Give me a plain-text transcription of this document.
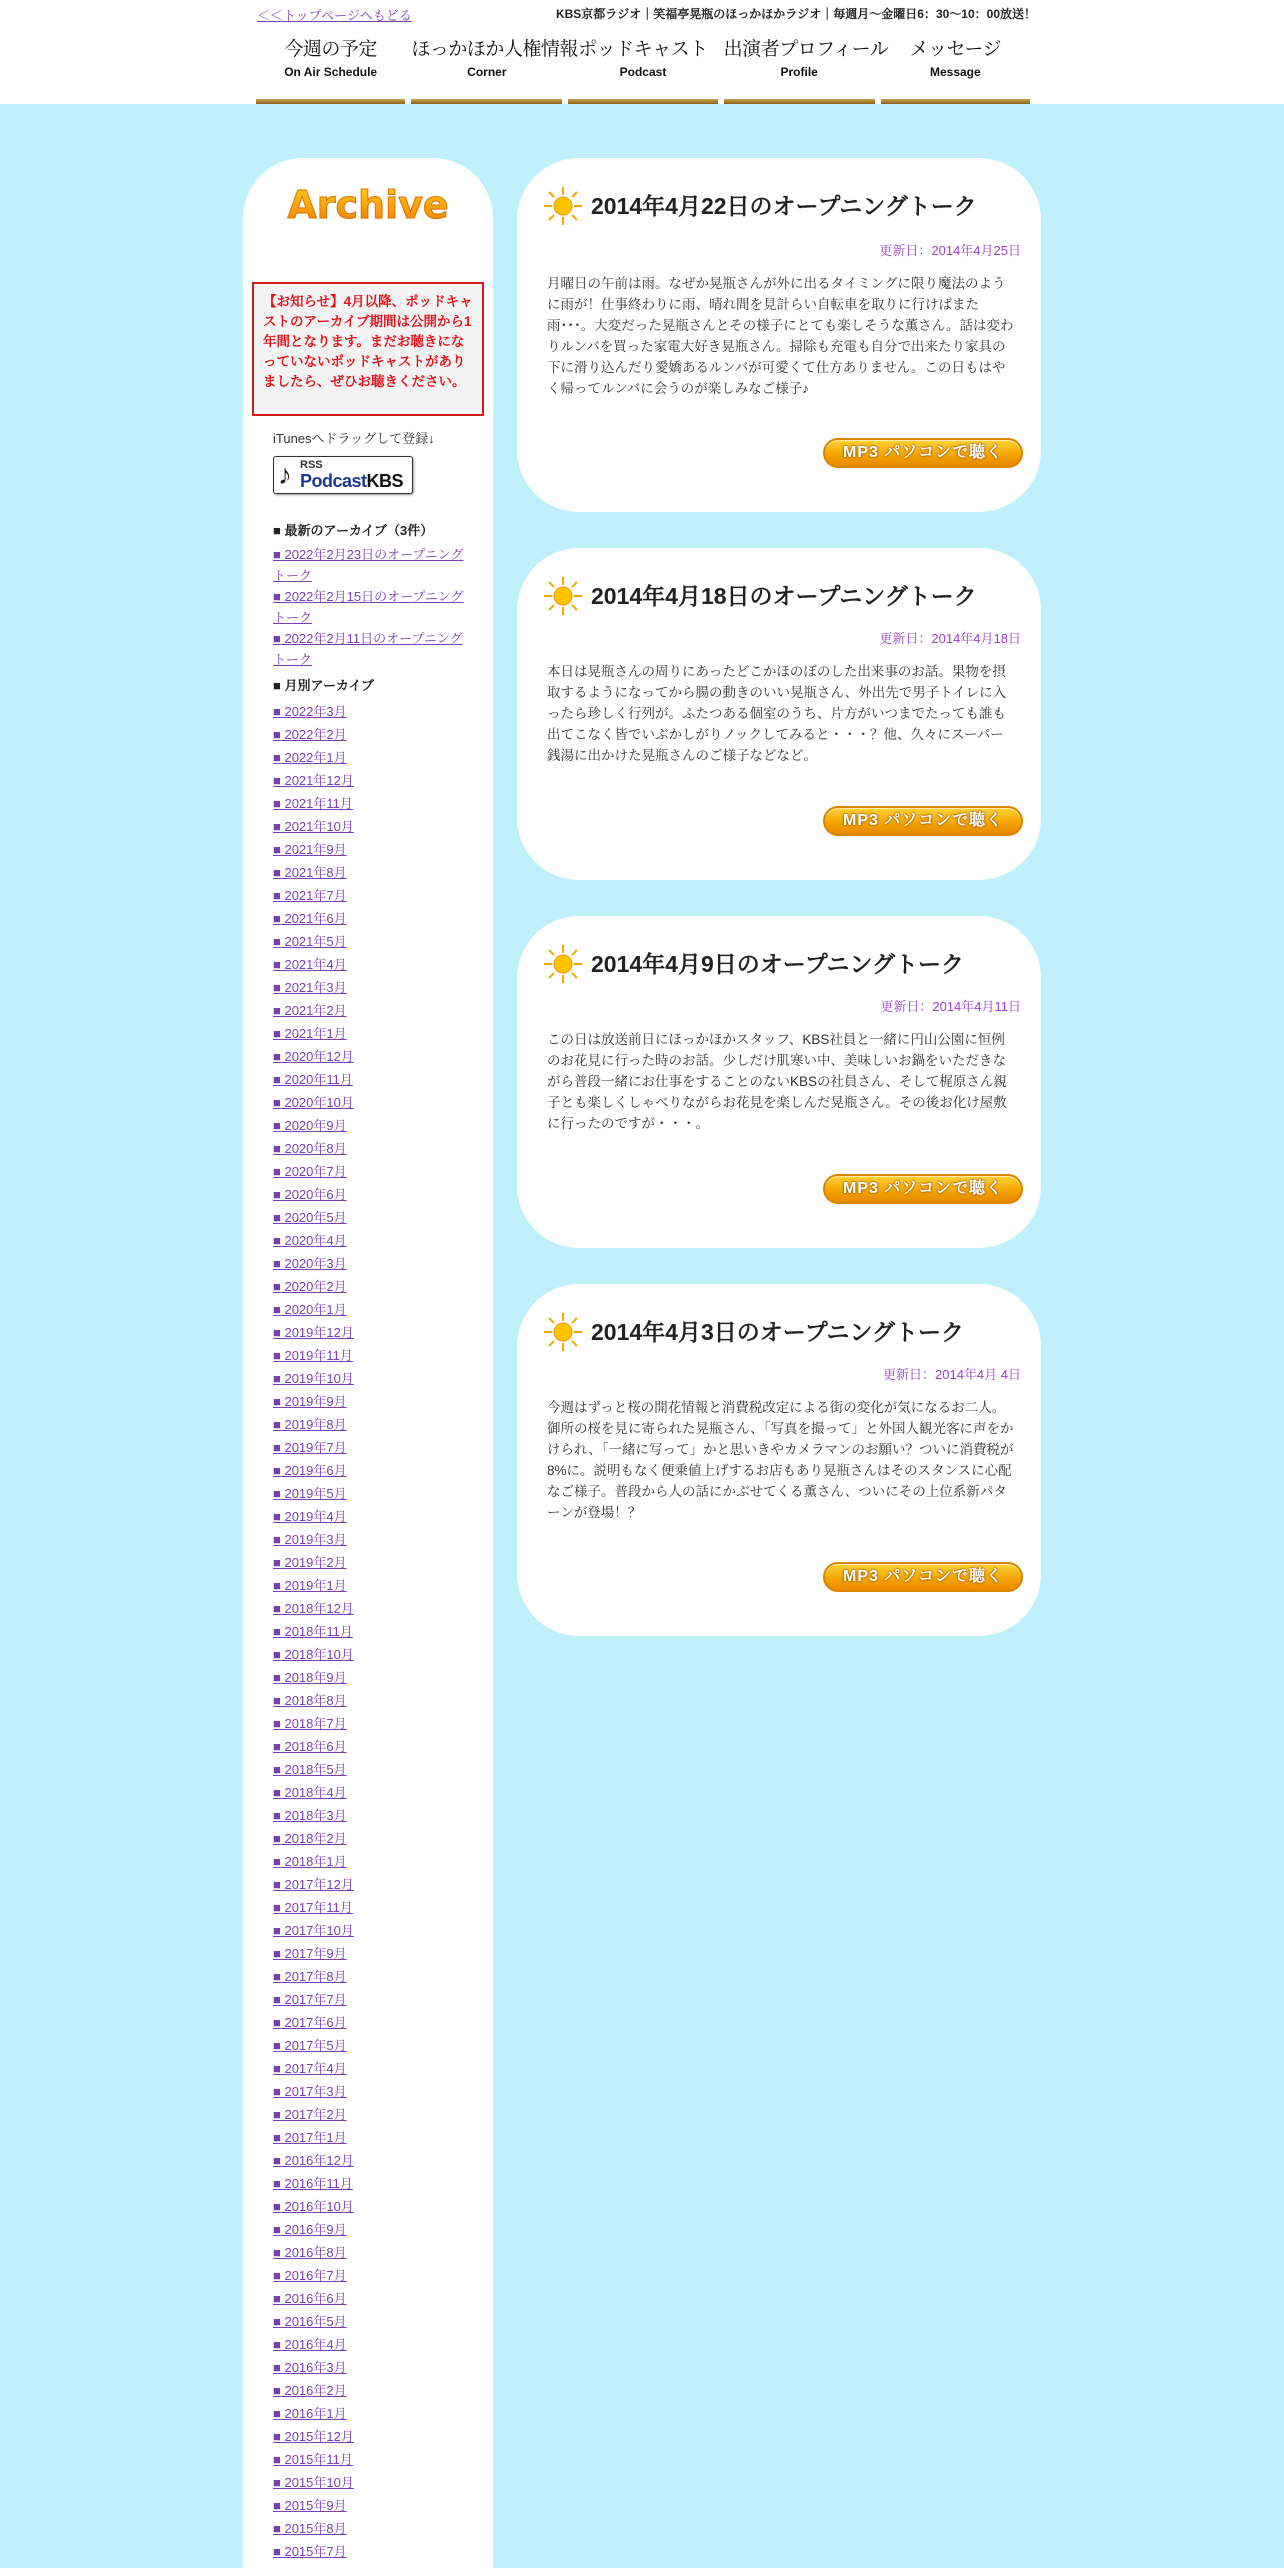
＜＜トップページへもどる	KBS京都ラジオ｜笑福亭晃瓶のほっかほかラジオ｜毎週月～金曜日6：30～10：00放送！
今週の予定
On Air Schedule
ほっかほか人権情報
Corner
ポッドキャスト
Podcast
出演者プロフィール
Profile
メッセージ
Message
Archive
【お知らせ】4月以降、ポッドキャストのアーカイブ期間は公開から1年間となります。まだお聴きになっていないポッドキャストがありましたら、ぜひお聴きください。
iTunesへドラッグして登録↓
♪ RSS
PodcastKBS
■ 最新のアーカイブ（3件）
■ 2022年2月23日のオープニングトーク
■ 2022年2月15日のオープニングトーク
■ 2022年2月11日のオープニングトーク
■ 月別アーカイブ
■ 2022年3月
■ 2022年2月
■ 2022年1月
■ 2021年12月
■ 2021年11月
■ 2021年10月
■ 2021年9月
■ 2021年8月
■ 2021年7月
■ 2021年6月
■ 2021年5月
■ 2021年4月
■ 2021年3月
■ 2021年2月
■ 2021年1月
■ 2020年12月
■ 2020年11月
■ 2020年10月
■ 2020年9月
■ 2020年8月
■ 2020年7月
■ 2020年6月
■ 2020年5月
■ 2020年4月
■ 2020年3月
■ 2020年2月
■ 2020年1月
■ 2019年12月
■ 2019年11月
■ 2019年10月
■ 2019年9月
■ 2019年8月
■ 2019年7月
■ 2019年6月
■ 2019年5月
■ 2019年4月
■ 2019年3月
■ 2019年2月
■ 2019年1月
■ 2018年12月
■ 2018年11月
■ 2018年10月
■ 2018年9月
■ 2018年8月
■ 2018年7月
■ 2018年6月
■ 2018年5月
■ 2018年4月
■ 2018年3月
■ 2018年2月
■ 2018年1月
■ 2017年12月
■ 2017年11月
■ 2017年10月
■ 2017年9月
■ 2017年8月
■ 2017年7月
■ 2017年6月
■ 2017年5月
■ 2017年4月
■ 2017年3月
■ 2017年2月
■ 2017年1月
■ 2016年12月
■ 2016年11月
■ 2016年10月
■ 2016年9月
■ 2016年8月
■ 2016年7月
■ 2016年6月
■ 2016年5月
■ 2016年4月
■ 2016年3月
■ 2016年2月
■ 2016年1月
■ 2015年12月
■ 2015年11月
■ 2015年10月
■ 2015年9月
■ 2015年8月
■ 2015年7月
2014年4月22日のオープニングトーク
更新日：2014年4月25日
月曜日の午前は雨。なぜか晃瓶さんが外に出るタイミングに限り魔法のように雨が！仕事終わりに雨、晴れ間を見計らい自転車を取りに行けばまた雨･･･。大変だった晃瓶さんとその様子にとても楽しそうな薫さん。話は変わりルンバを買った家電大好き晃瓶さん。掃除も充電も自分で出来たり家具の下に滑り込んだり愛嬌あるルンバが可愛くて仕方ありません。この日もはやく帰ってルンバに会うのが楽しみなご様子♪
MP3 パソコンで聴く
2014年4月18日のオープニングトーク
更新日：2014年4月18日
本日は晃瓶さんの周りにあったどこかほのぼのした出来事のお話。果物を摂取するようになってから腸の動きのいい晃瓶さん、外出先で男子トイレに入ったら珍しく行列が。ふたつある個室のうち、片方がいつまでたっても誰も出てこなく皆でいぶかしがりノックしてみると・・・？他、久々にスーパー銭湯に出かけた晃瓶さんのご様子などなど。
MP3 パソコンで聴く
2014年4月9日のオープニングトーク
更新日：2014年4月11日
この日は放送前日にほっかほかスタッフ、KBS社員と一緒に円山公園に恒例のお花見に行った時のお話。少しだけ肌寒い中、美味しいお鍋をいただきながら普段一緒にお仕事をすることのないKBSの社員さん、そして梶原さん親子とも楽しくしゃべりながらお花見を楽しんだ晃瓶さん。その後お化け屋敷に行ったのですが・・・。
MP3 パソコンで聴く
2014年4月3日のオープニングトーク
更新日：2014年4月 4日
今週はずっと桜の開花情報と消費税改定による街の変化が気になるお二人。御所の桜を見に寄られた晃瓶さん、「写真を撮って」と外国人観光客に声をかけられ、「一緒に写って」かと思いきやカメラマンのお願い？ついに消費税が8%に。説明もなく便乗値上げするお店もあり晃瓶さんはそのスタンスに心配なご様子。普段から人の話にかぶせてくる薫さん、ついにその上位系新パターンが登場！？
MP3 パソコンで聴く
